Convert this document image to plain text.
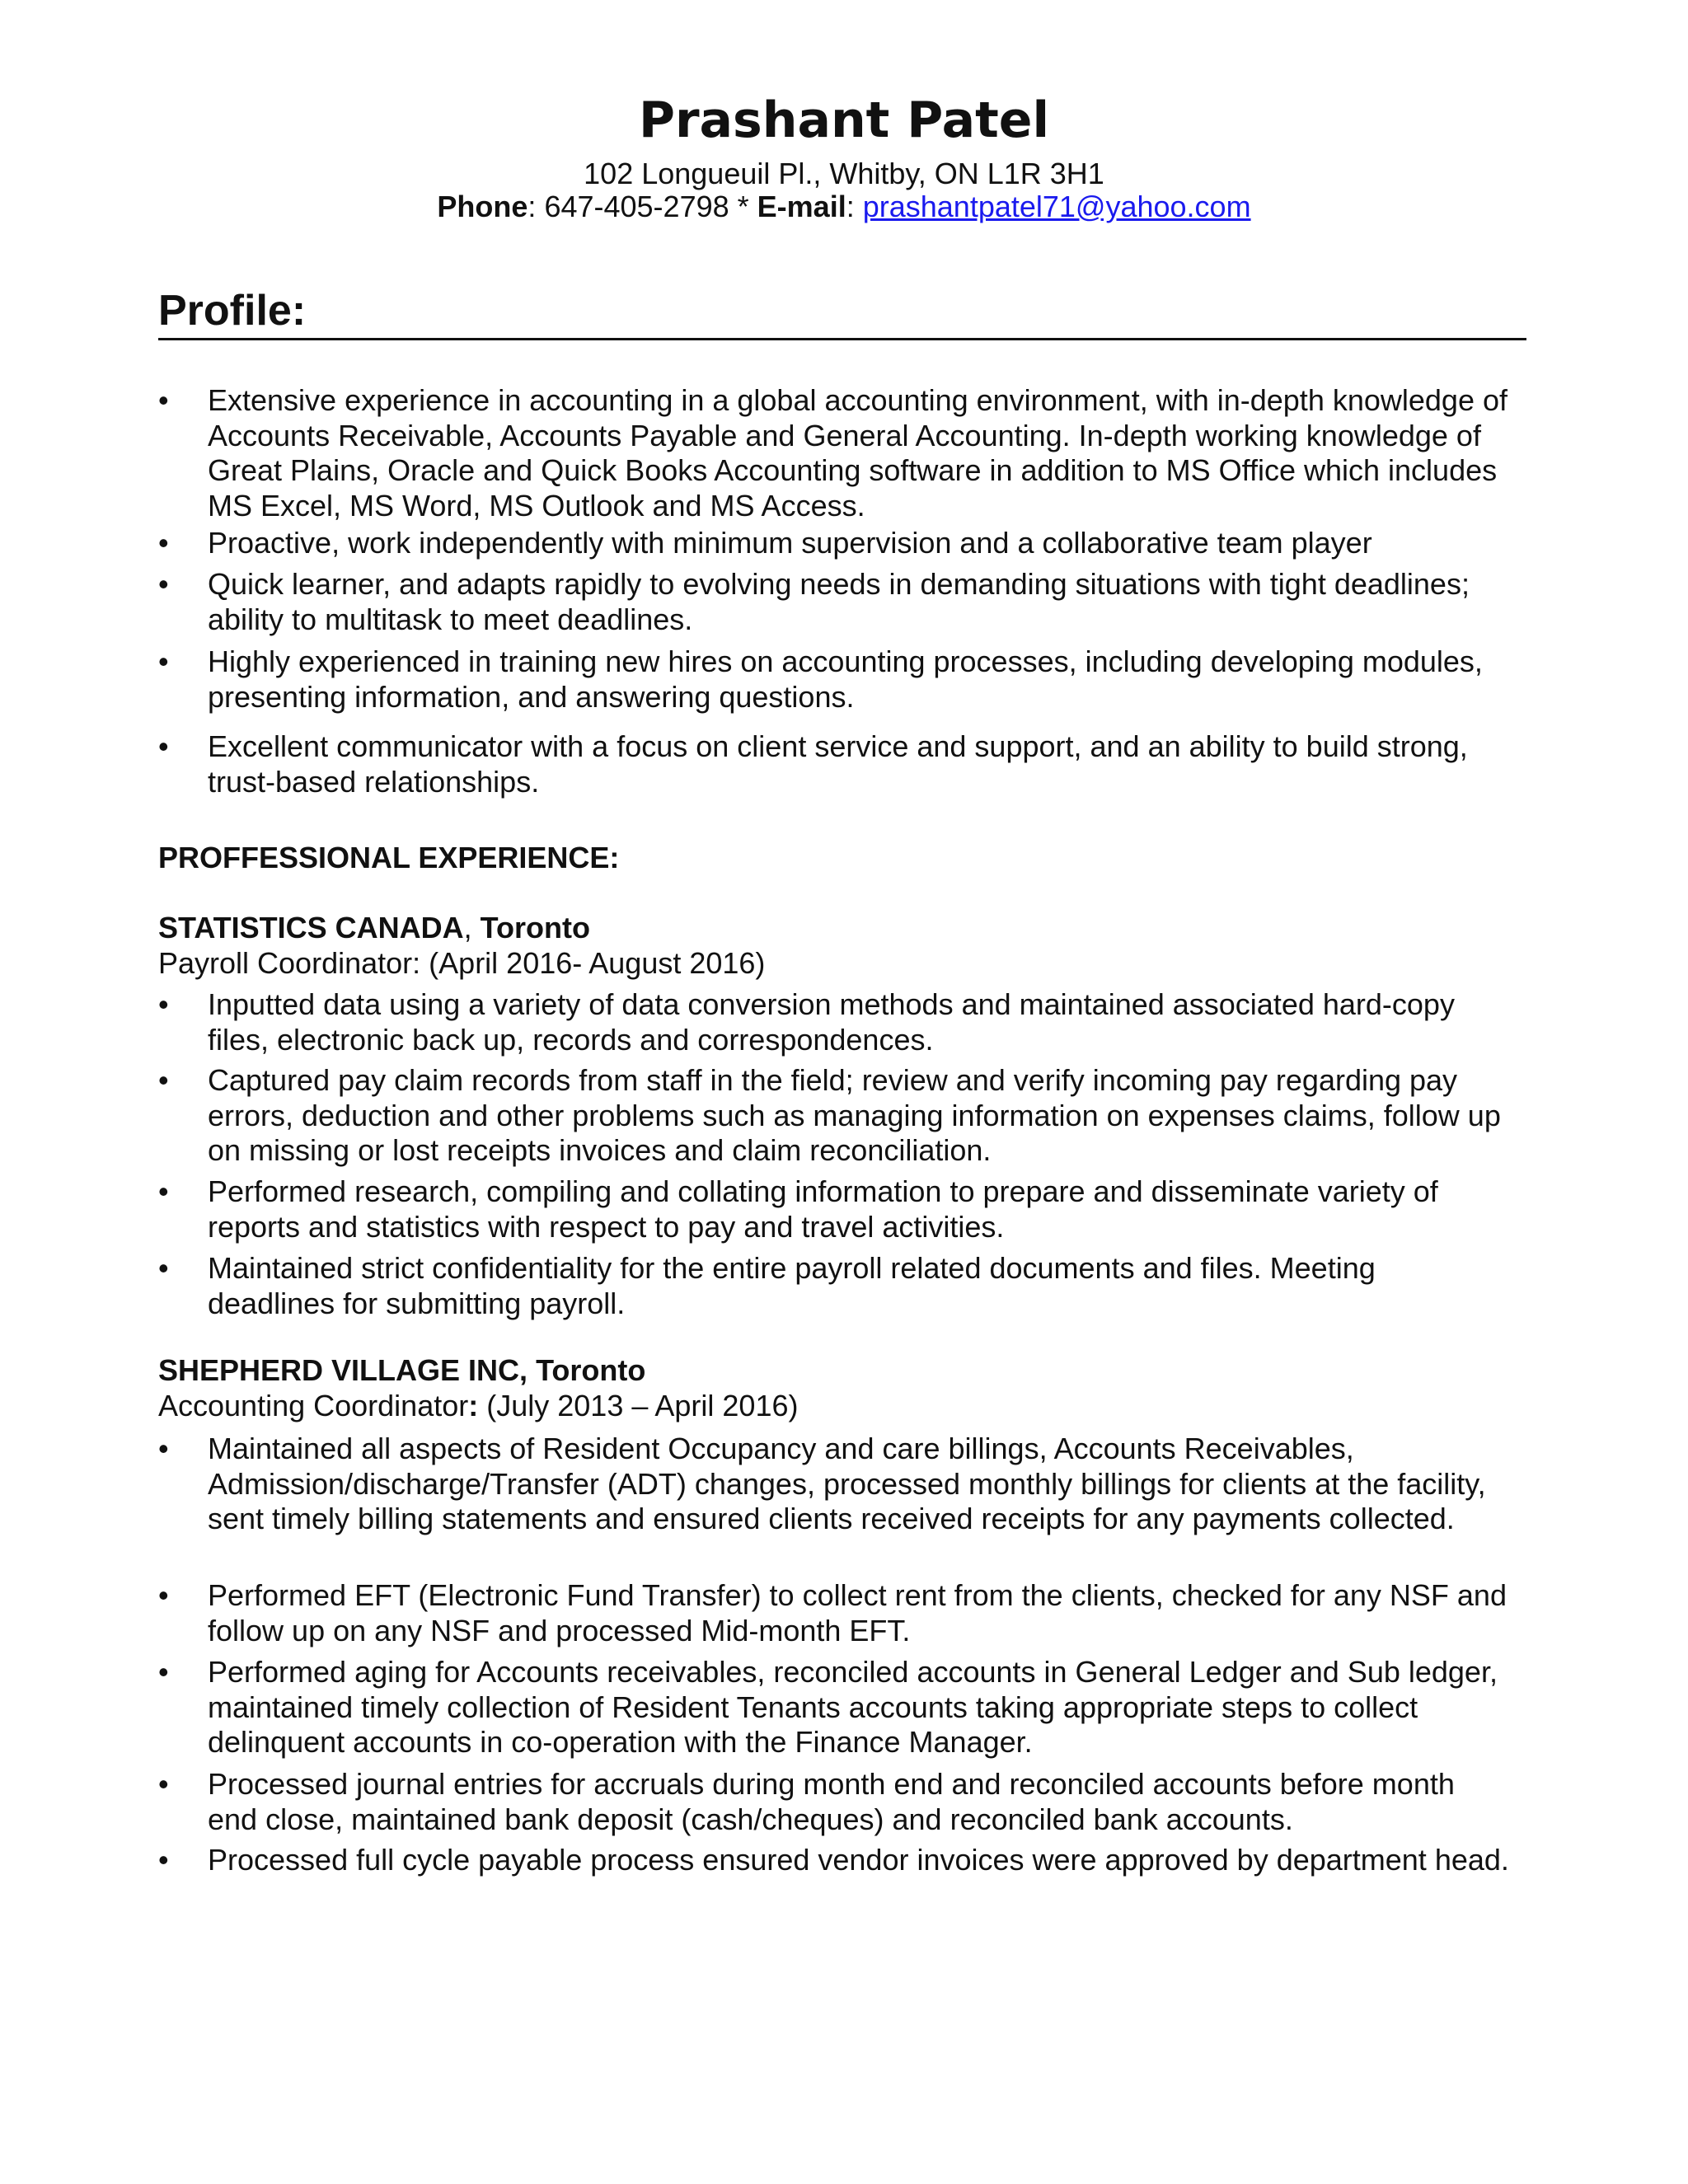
Prashant Patel
102 Longueuil Pl., Whitby, ON L1R 3H1
Phone: 647-405-2798 * E-mail: prashantpatel71@yahoo.com
Profile:
•	Extensive experience in accounting in a global accounting environment, with in-depth knowledge of Accounts Receivable, Accounts Payable and General Accounting. In-depth working knowledge of Great Plains, Oracle and Quick Books Accounting software in addition to MS Office which includes MS Excel, MS Word, MS Outlook and MS Access.
•	Proactive, work independently with minimum supervision and a collaborative team player
•	Quick learner, and adapts rapidly to evolving needs in demanding situations with tight deadlines; ability to multitask to meet deadlines.
•	Highly experienced in training new hires on accounting processes, including developing modules, presenting information, and answering questions.
•	Excellent communicator with a focus on client service and support, and an ability to build strong, trust-based relationships.
PROFFESSIONAL EXPERIENCE:
STATISTICS CANADA, Toronto
Payroll Coordinator: (April 2016- August 2016)
•	Inputted data using a variety of data conversion methods and maintained associated hard-copy files, electronic back up, records and correspondences.
•	Captured pay claim records from staff in the field; review and verify incoming pay regarding pay errors, deduction and other problems such as managing information on expenses claims, follow up on missing or lost receipts invoices and claim reconciliation.
•	Performed research, compiling and collating information to prepare and disseminate variety of reports and statistics with respect to pay and travel activities.
•	Maintained strict confidentiality for the entire payroll related documents and files. Meeting deadlines for submitting payroll.
SHEPHERD VILLAGE INC, Toronto
Accounting Coordinator: (July 2013 – April 2016)
•	Maintained all aspects of Resident Occupancy and care billings, Accounts Receivables, Admission/discharge/Transfer (ADT) changes, processed monthly billings for clients at the facility, sent timely billing statements and ensured clients received receipts for any payments collected.
•	Performed EFT (Electronic Fund Transfer) to collect rent from the clients, checked for any NSF and follow up on any NSF and processed Mid-month EFT.
•	Performed aging for Accounts receivables, reconciled accounts in General Ledger and Sub ledger, maintained timely collection of Resident Tenants accounts taking appropriate steps to collect delinquent accounts in co-operation with the Finance Manager.
•	Processed journal entries for accruals during month end and reconciled accounts before month end close, maintained bank deposit (cash/cheques) and reconciled bank accounts.
•	Processed full cycle payable process ensured vendor invoices were approved by department head.
